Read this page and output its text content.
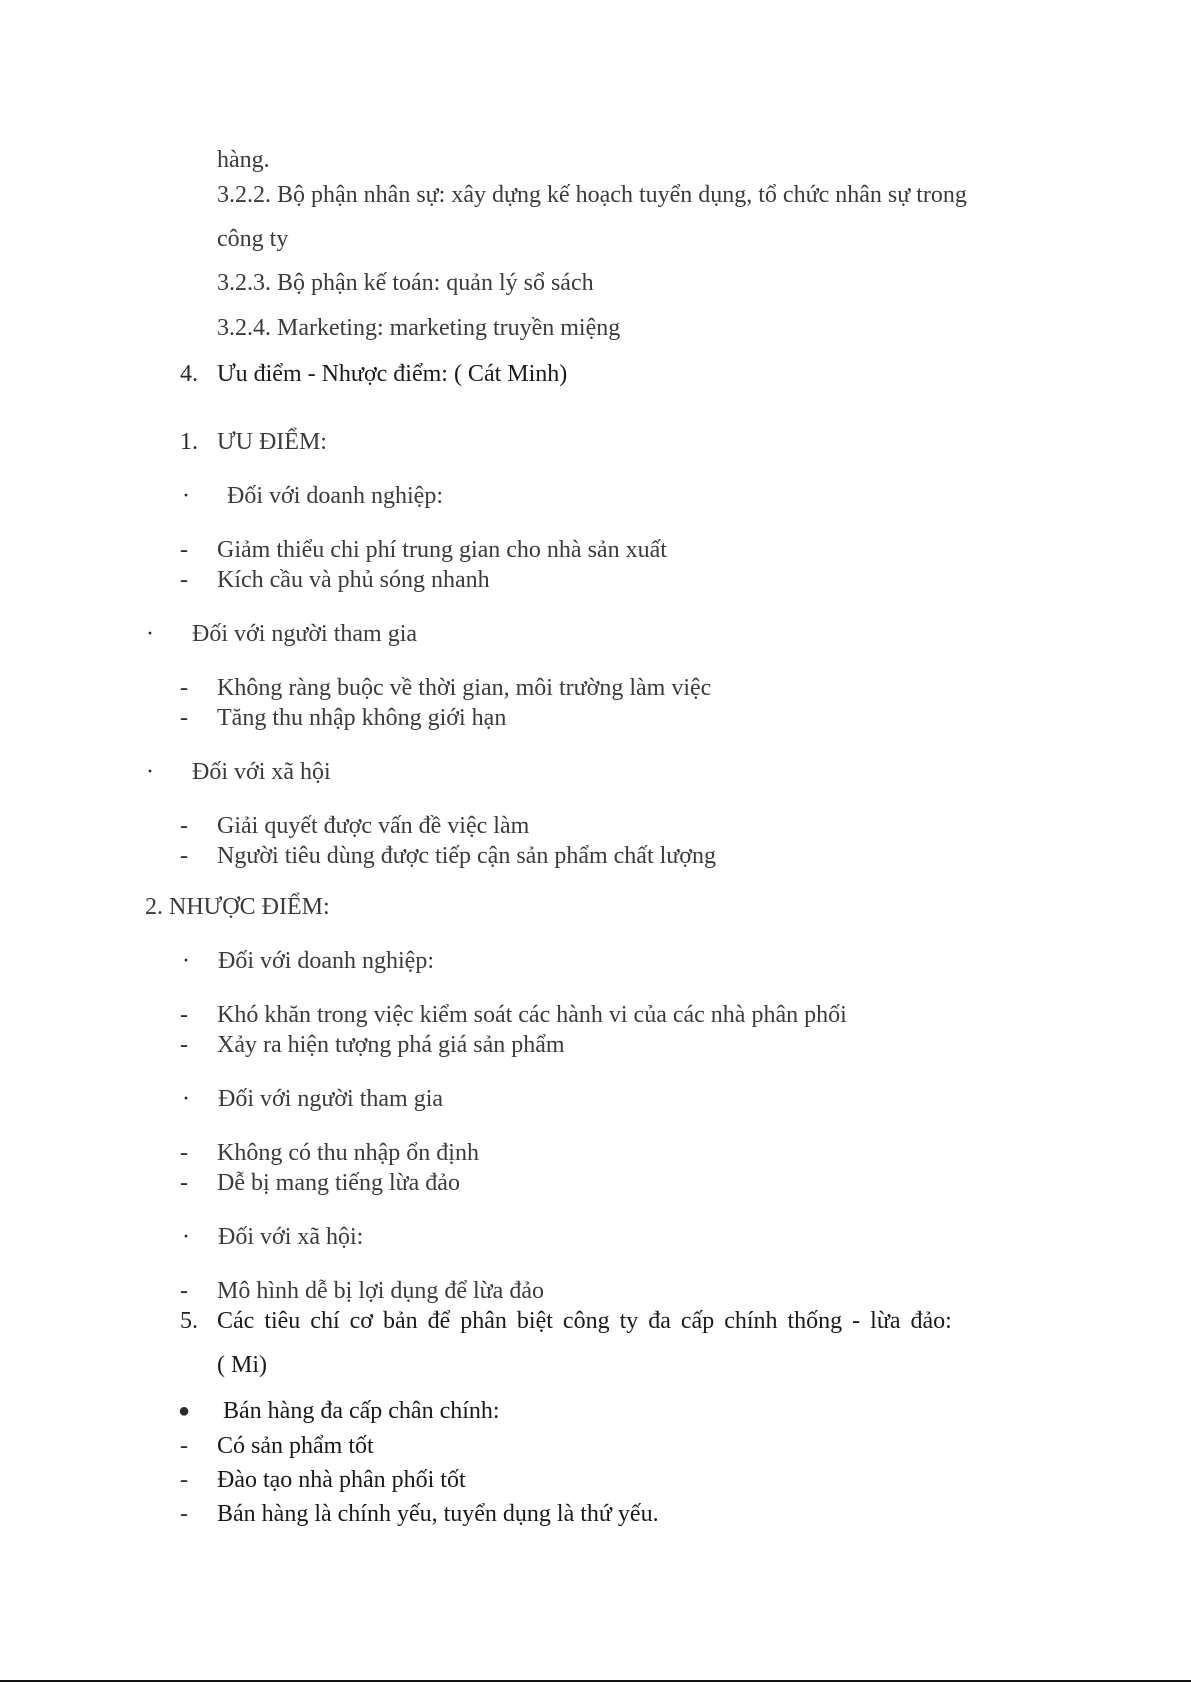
hàng.
3.2.2. Bộ phận nhân sự: xây dựng kế hoạch tuyển dụng, tổ chức nhân sự trong
công ty
3.2.3. Bộ phận kế toán: quản lý sổ sách
3.2.4. Marketing: marketing truyền miệng
4. Ưu điểm - Nhược điểm: ( Cát Minh)
1. ƯU ĐIỂM:
· Đối với doanh nghiệp:
- Giảm thiểu chi phí trung gian cho nhà sản xuất
- Kích cầu và phủ sóng nhanh
· Đối với người tham gia
- Không ràng buộc về thời gian, môi trường làm việc
- Tăng thu nhập không giới hạn
· Đối với xã hội
- Giải quyết được vấn đề việc làm
- Người tiêu dùng được tiếp cận sản phẩm chất lượng
2. NHƯỢC ĐIỂM:
· Đối với doanh nghiệp:
- Khó khăn trong việc kiểm soát các hành vi của các nhà phân phối
- Xảy ra hiện tượng phá giá sản phẩm
· Đối với người tham gia
- Không có thu nhập ổn định
- Dễ bị mang tiếng lừa đảo
· Đối với xã hội:
- Mô hình dễ bị lợi dụng để lừa đảo
5. Các tiêu chí cơ bản để phân biệt công ty đa cấp chính thống - lừa đảo:
( Mi)
● Bán hàng đa cấp chân chính:
- Có sản phẩm tốt
- Đào tạo nhà phân phối tốt
- Bán hàng là chính yếu, tuyển dụng là thứ yếu.
